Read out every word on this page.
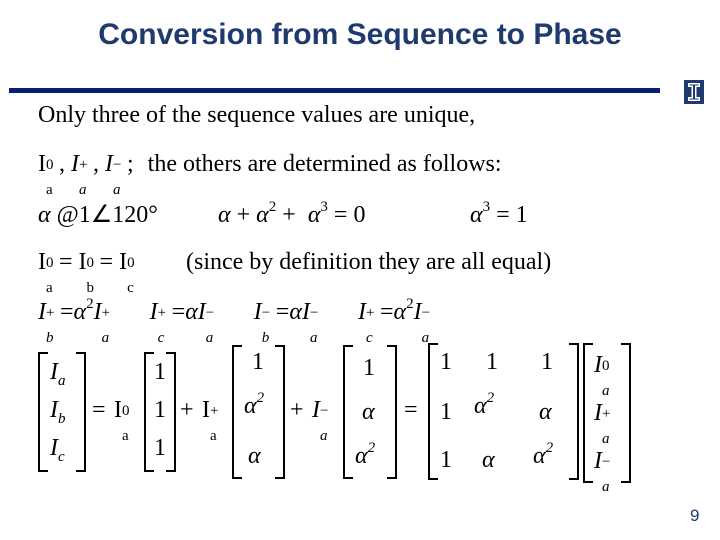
Conversion from Sequence to Phase
Only three of the sequence values are unique,
I 0
a
, I +
a
, I −
a
; the others are determined as follows:
α @1∠120°	$\alpha + \alpha^2 + \alpha^3 = 0$	$\alpha^3 = 1$
I 0
a
= I 0
b
= I 0
c
(since by definition they are all equal)
I +
b
$=\alpha^2I$ +
a
I +
c
=αI −
a
I −
b
=αI −
a
I +
c
$=\alpha^2I$ −
a
$I_a$
$I_b$
$I_c$
= I 0
a
1
1
1
+ I +
a
1
$\alpha^2$
α
+ I −
a
1
α
$\alpha^2$
=
1 1 1
1 $\alpha^2$
α
1 α $\alpha^2$
I 0
a
I +
a
I −
a
9
